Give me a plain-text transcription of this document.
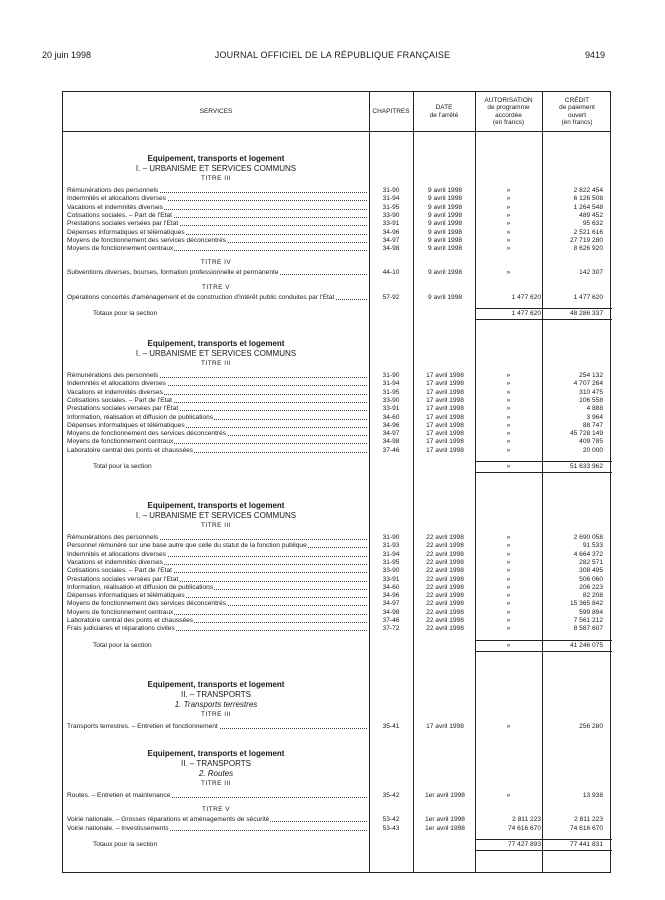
20 juin 1998	JOURNAL OFFICIEL DE LA RÉPUBLIQUE FRANÇAISE	9419
SERVICES	CHAPITRES
DATE
de l'arrêté
AUTORISATION
de programme
accordée
(en francs)
CRÉDIT
de paiement
ouvert
(en francs)
Equipement, transports et logement
I. – URBANISME ET SERVICES COMMUNS
TITRE III
Rémunérations des personnels	31-90	9 avril 1998	»	2 822 454
Indemnités et allocations diverses	31-94	9 avril 1998	»	6 126 508
Vacations et indemnités diverses	31-95	9 avril 1998	»	1 264 548
Cotisations sociales. – Part de l'Etat	33-90	9 avril 1998	»	489 452
Prestations sociales versées par l'Etat	33-91	9 avril 1998	»	95 632
Dépenses informatiques et télématiques	34-96	9 avril 1998	»	2 521 616
Moyens de fonctionnement des services déconcentrés	34-97	9 avril 1998	»	27 719 280
Moyens de fonctionnement centraux	34-98	9 avril 1998	»	8 626 920
TITRE IV
Subventions diverses, bourses, formation professionnelle et permanente	44-10	9 avril 1998	»	142 307
TITRE V
Opérations concertés d'aménagement et de construction d'intérêt public conduites par l'Etat	57-92	9 avril 1998	1 477 620	1 477 620
Totaux pour la section	1 477 620	48 286 337
Equipement, transports et logement
I. – URBANISME ET SERVICES COMMUNS
TITRE III
Rémunérations des personnels	31-90	17 avril 1998	»	254 132
Indemnités et allocations diverses	31-94	17 avril 1998	»	4 707 264
Vacations et indemnités diverses	31-95	17 avril 1998	»	310 475
Cotisations sociales. – Part de l'Etat	33-90	17 avril 1998	»	106 558
Prestations sociales versées par l'Etat	33-91	17 avril 1998	»	4 888
Information, réalisation et diffusion de publications	34-60	17 avril 1998	»	3 964
Dépenses informatiques et télématiques	34-96	17 avril 1998	»	88 747
Moyens de fonctionnement des services déconcentrés	34-97	17 avril 1998	»	45 728 149
Moyens de fonctionnement centraux	34-98	17 avril 1998	»	409 785
Laboratoire central des ponts et chaussées	37-46	17 avril 1998	»	20 000
Total pour la section	»	51 633 962
Equipement, transports et logement
I. – URBANISME ET SERVICES COMMUNS
TITRE III
Rémunérations des personnels	31-90	22 avril 1998	»	2 690 058
Personnel rémunéré sur une base autre que celle du statut de la fonction publique	31-93	22 avril 1998	»	91 533
Indemnités et allocations diverses	31-94	22 avril 1998	»	4 664 372
Vacations et indemnités diverses	31-95	22 avril 1998	»	282 571
Cotisations sociales. – Part de l'Etat	33-90	22 avril 1998	»	308 495
Prestations sociales versées par l'Etat	33-91	22 avril 1998	»	506 060
Information, réalisation et diffusion de publications	34-60	22 avril 1998	»	206 223
Dépenses informatiques et télématiques	34-96	22 avril 1998	»	82 208
Moyens de fonctionnement des services déconcentrés	34-97	22 avril 1998	»	15 365 842
Moyens de fonctionnement centraux	34-98	22 avril 1998	»	599 894
Laboratoire central des ponts et chaussées	37-46	22 avril 1998	»	7 561 212
Frais judiciaires et réparations civiles	37-72	22 avril 1998	»	8 587 607
Total pour la section	»	41 246 075
Equipement, transports et logement
II. – TRANSPORTS
1. Transports terrestres
TITRE III
Transports terrestres. – Entretien et fonctionnement	35-41	17 avril 1998	»	256 280
Equipement, transports et logement
II. – TRANSPORTS
2. Routes
TITRE III
Routes. – Entretien et maintenance	35-42	1er avril 1998	»	13 938
TITRE V
Voirie nationale. – Grosses réparations et aménagements de sécurité	53-42	1er avril 1998	2 811 223	2 811 223
Voirie nationale. – Investissements	53-43	1er avril 1998	74 616 670	74 616 670
Totaux pour la section	77 427 893	77 441 831
